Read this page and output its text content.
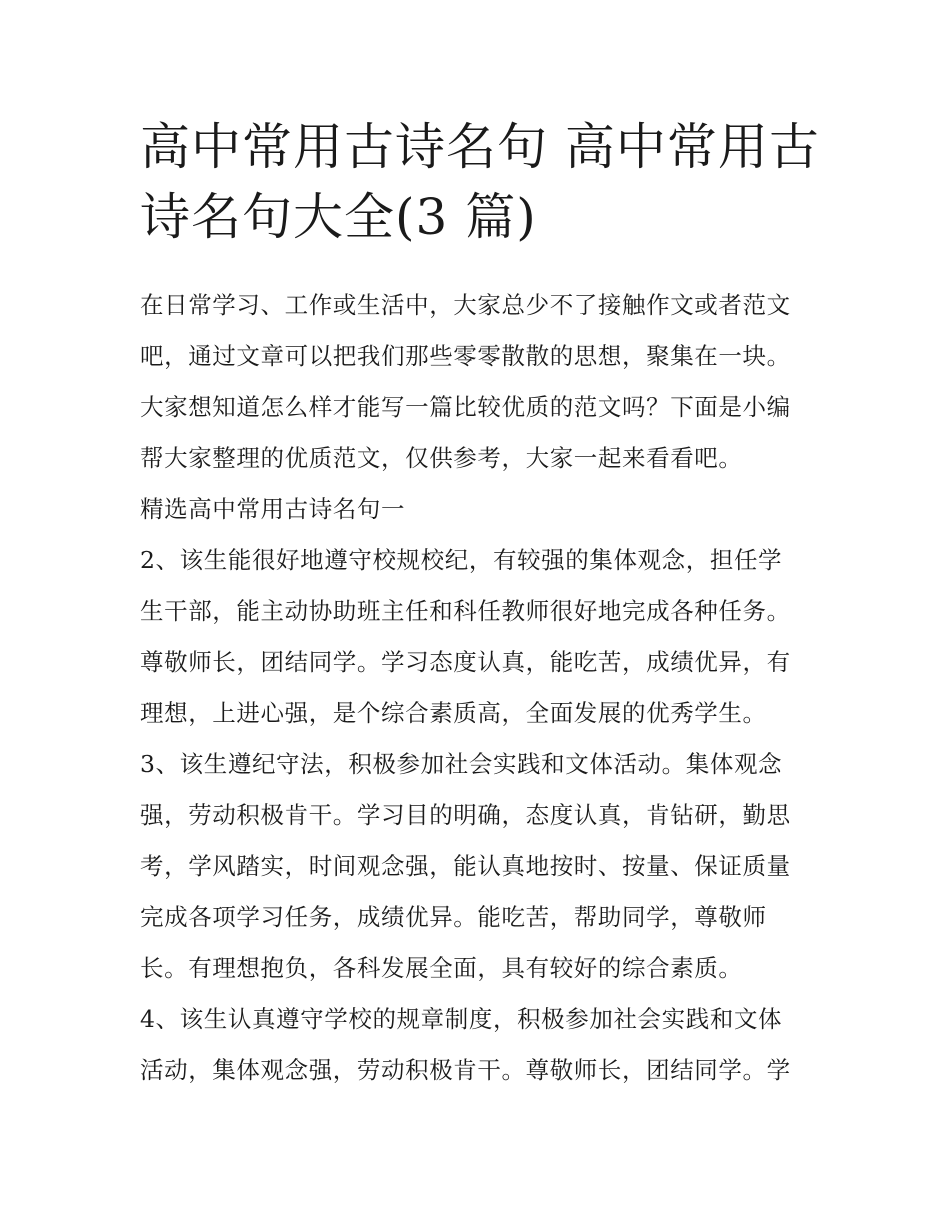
高中常用古诗名句 高中常用古
诗名句大全(3 篇)
在日常学习、工作或生活中，大家总少不了接触作文或者范文
吧，通过文章可以把我们那些零零散散的思想，聚集在一块。
大家想知道怎么样才能写一篇比较优质的范文吗？下面是小编
帮大家整理的优质范文，仅供参考，大家一起来看看吧。
精选高中常用古诗名句一
2、该生能很好地遵守校规校纪，有较强的集体观念，担任学
生干部，能主动协助班主任和科任教师很好地完成各种任务。
尊敬师长，团结同学。学习态度认真，能吃苦，成绩优异，有
理想，上进心强，是个综合素质高，全面发展的优秀学生。
3、该生遵纪守法，积极参加社会实践和文体活动。集体观念
强，劳动积极肯干。学习目的明确，态度认真，肯钻研，勤思
考，学风踏实，时间观念强，能认真地按时、按量、保证质量
完成各项学习任务，成绩优异。能吃苦，帮助同学，尊敬师
长。有理想抱负，各科发展全面，具有较好的综合素质。
4、该生认真遵守学校的规章制度，积极参加社会实践和文体
活动，集体观念强，劳动积极肯干。尊敬师长，团结同学。学
